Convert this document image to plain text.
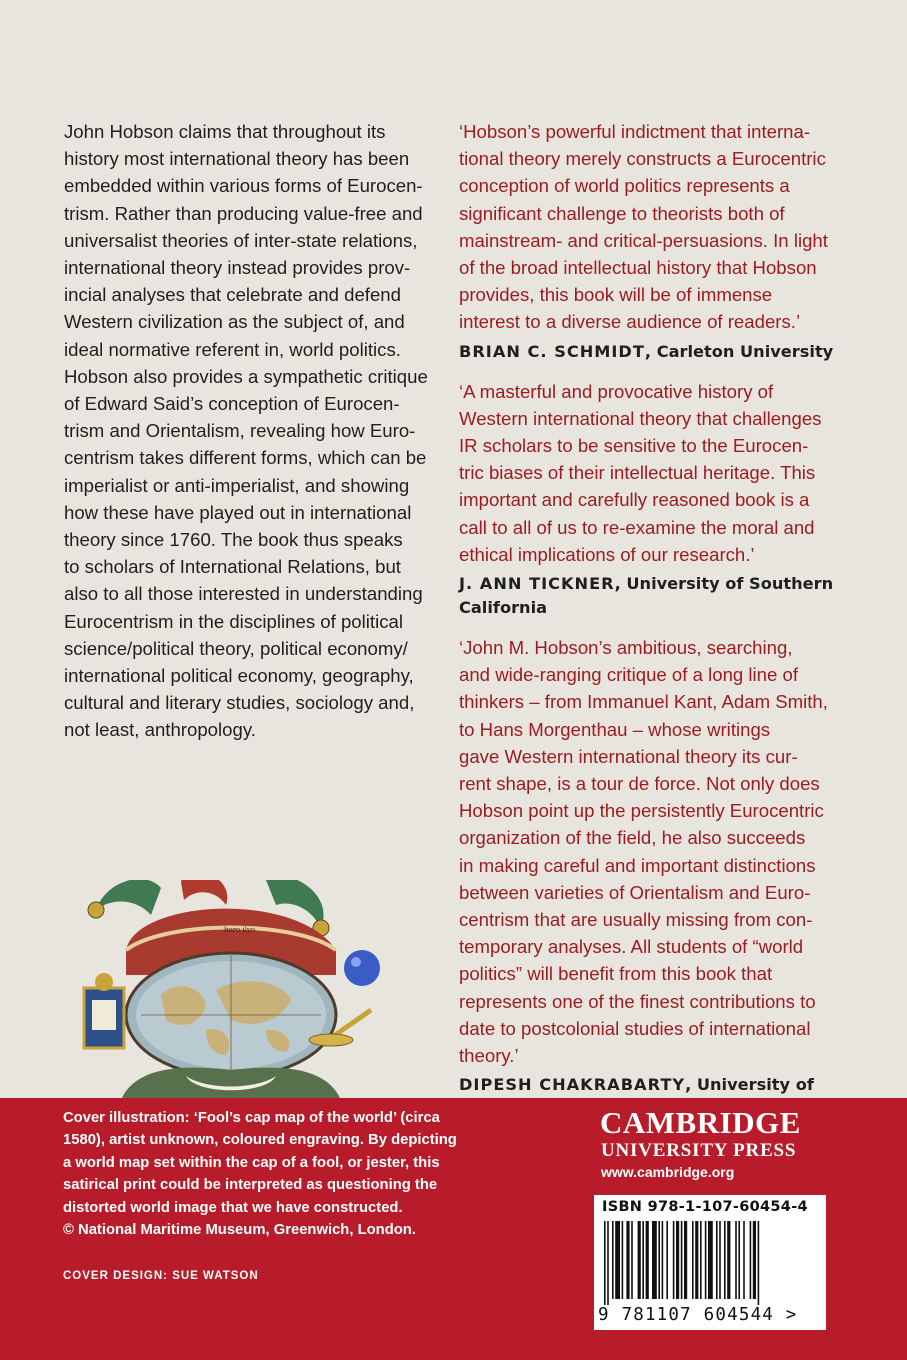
John Hobson claims that throughout its
history most international theory has been
embedded within various forms of Eurocen-
trism. Rather than producing value-free and
universalist theories of inter-state relations,
international theory instead provides prov-
incial analyses that celebrate and defend
Western civilization as the subject of, and
ideal normative referent in, world politics.
Hobson also provides a sympathetic critique
of Edward Said’s conception of Eurocen-
trism and Orientalism, revealing how Euro-
centrism takes different forms, which can be
imperialist or anti-imperialist, and showing
how these have played out in international
theory since 1760. The book thus speaks
to scholars of International Relations, but
also to all those interested in understanding
Eurocentrism in the disciplines of political
science/political theory, political economy/
international political economy, geography,
cultural and literary studies, sociology and,
not least, anthropology.

‘Hobson’s powerful indictment that interna-
tional theory merely constructs a Eurocentric
conception of world politics represents a
significant challenge to theorists both of
mainstream- and critical-persuasions. In light
of the broad intellectual history that Hobson
provides, this book will be of immense
interest to a diverse audience of readers.’

BRIAN C. SCHMIDT, Carleton University

‘A masterful and provocative history of
Western international theory that challenges
IR scholars to be sensitive to the Eurocen-
tric biases of their intellectual heritage. This
important and carefully reasoned book is a
call to all of us to re-examine the moral and
ethical implications of our research.’

J. ANN TICKNER, University of Southern California

‘John M. Hobson’s ambitious, searching,
and wide-ranging critique of a long line of
thinkers – from Immanuel Kant, Adam Smith,
to Hans Morgenthau – whose writings
gave Western international theory its cur-
rent shape, is a tour de force. Not only does
Hobson point up the persistently Eurocentric
organization of the field, he also succeeds
in making careful and important distinctions
between varieties of Orientalism and Euro-
centrism that are usually missing from con-
temporary analyses. All students of “world
politics” will benefit from this book that
represents one of the finest contributions to
date to postcolonial studies of international
theory.’

DIPESH CHAKRABARTY, University of
boro ilyo

Cover illustration: ‘Fool’s cap map of the world’ (circa
1580), artist unknown, coloured engraving. By depicting
a world map set within the cap of a fool, or jester, this
satirical print could be interpreted as questioning the
distorted world image that we have constructed.
© National Maritime Museum, Greenwich, London.

COVER DESIGN: SUE WATSON
CAMBRIDGE
UNIVERSITY PRESS
www.cambridge.org
ISBN 978-1-107-60454-4
9 781107 604544 >
